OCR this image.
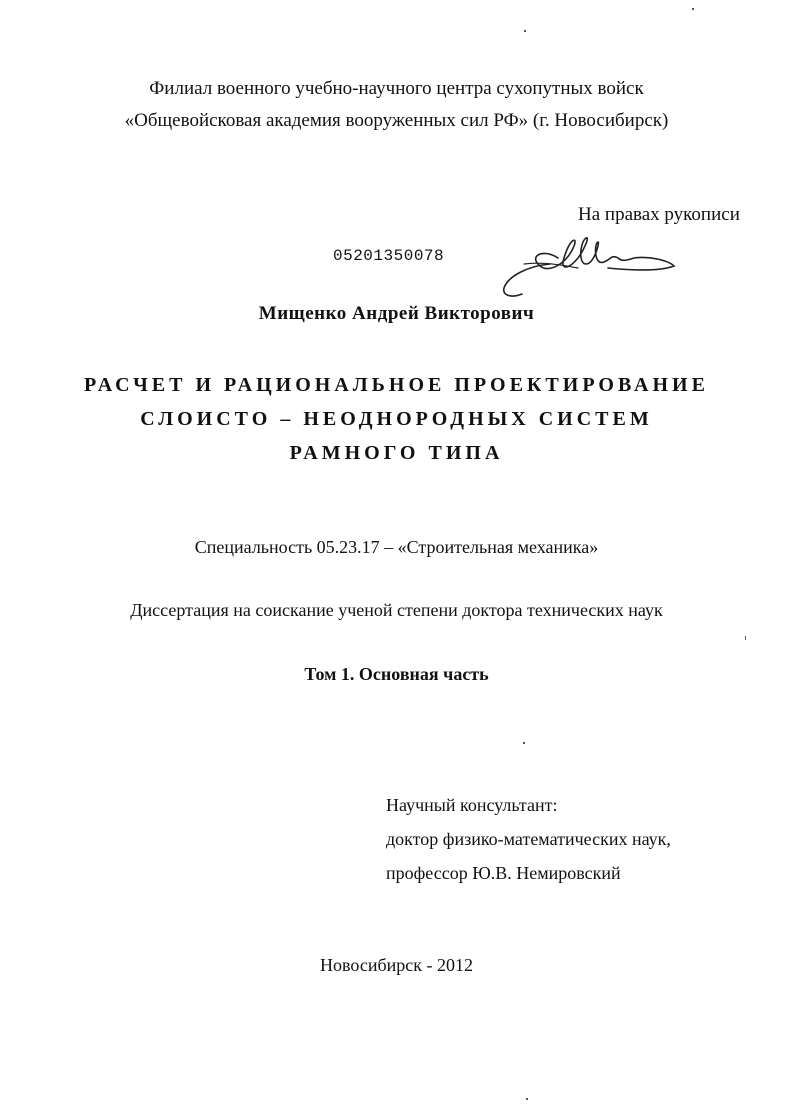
Филиал военного учебно-научного центра сухопутных войск
«Общевойсковая академия вооруженных сил РФ» (г. Новосибирск)
На правах рукописи
05201350078
Мищенко Андрей Викторович
РАСЧЕТ И РАЦИОНАЛЬНОЕ ПРОЕКТИРОВАНИЕ
СЛОИСТО – НЕОДНОРОДНЫХ СИСТЕМ
РАМНОГО ТИПА
Специальность 05.23.17 – «Строительная механика»
Диссертация на соискание ученой степени доктора технических наук
Том 1. Основная часть
Научный консультант:
доктор физико-математических наук,
профессор Ю.В. Немировский
Новосибирск - 2012
